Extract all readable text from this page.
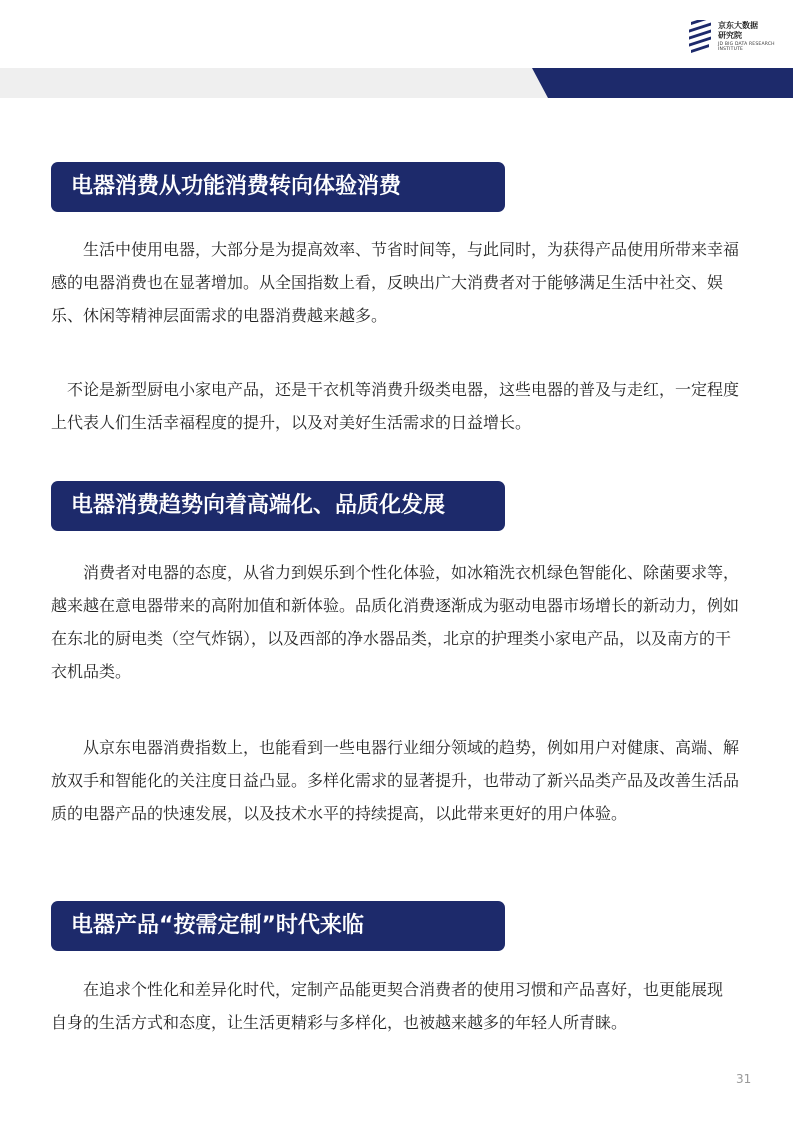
京东大数据
研究院
JD BIG DATA RESEARCH INSTITUTE
电器消费从功能消费转向体验消费

　　生活中使用电器，大部分是为提高效率、节省时间等，与此同时，为获得产品使用所带来幸福感的电器消费也在显著增加。从全国指数上看，反映出广大消费者对于能够满足生活中社交、娱乐、休闲等精神层面需求的电器消费越来越多。

　不论是新型厨电小家电产品，还是干衣机等消费升级类电器，这些电器的普及与走红，一定程度上代表人们生活幸福程度的提升，以及对美好生活需求的日益增长。

电器消费趋势向着高端化、品质化发展

　　消费者对电器的态度，从省力到娱乐到个性化体验，如冰箱洗衣机绿色智能化、除菌要求等，越来越在意电器带来的高附加值和新体验。品质化消费逐渐成为驱动电器市场增长的新动力，例如在东北的厨电类（空气炸锅），以及西部的净水器品类，北京的护理类小家电产品，以及南方的干衣机品类。

　　从京东电器消费指数上，也能看到一些电器行业细分领域的趋势，例如用户对健康、高端、解放双手和智能化的关注度日益凸显。多样化需求的显著提升，也带动了新兴品类产品及改善生活品质的电器产品的快速发展，以及技术水平的持续提高，以此带来更好的用户体验。

电器产品“按需定制”时代来临

　　在追求个性化和差异化时代，定制产品能更契合消费者的使用习惯和产品喜好，也更能展现自身的生活方式和态度，让生活更精彩与多样化，也被越来越多的年轻人所青睐。

31
